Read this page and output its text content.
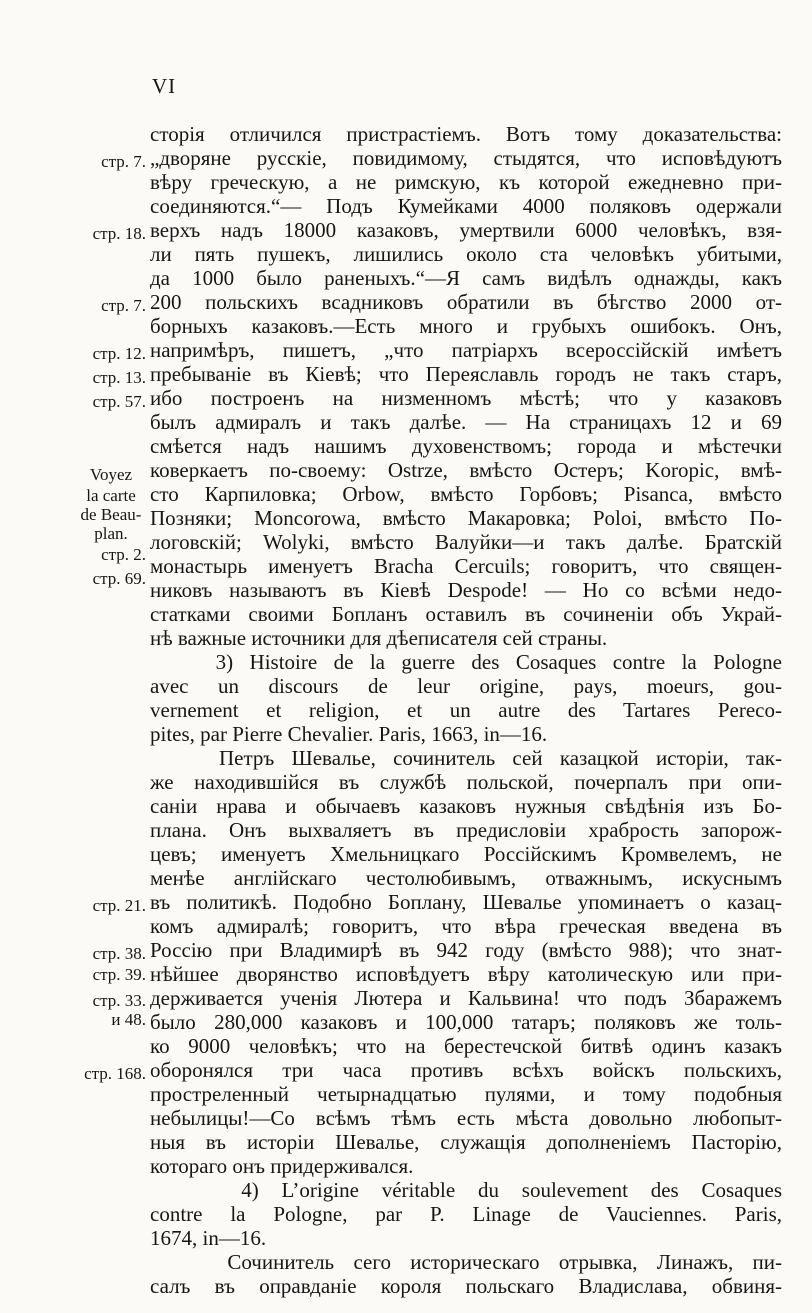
VI
сторія отличился пристрастіемъ. Вотъ тому доказательства:
„дворяне русскіе, повидимому, стыдятся, что исповѣдуютъ
вѣру греческую, а не римскую, къ которой ежедневно при-
соединяются.“— Подъ Кумейками 4000 поляковъ одержали
верхъ надъ 18000 казаковъ, умертвили 6000 человѣкъ, взя-
ли пять пушекъ, лишились около ста человѣкъ убитыми,
да 1000 было раненыхъ.“—Я самъ видѣлъ однажды, какъ
200 польскихъ всадниковъ обратили въ бѣгство 2000 от-
борныхъ казаковъ.—Есть много и грубыхъ ошибокъ. Онъ,
напримѣръ, пишетъ, „что патріархъ всероссійскій имѣетъ
пребываніе въ Кіевѣ; что Переяславль городъ не такъ старъ,
ибо построенъ на низменномъ мѣстѣ; что у казаковъ
былъ адмиралъ и такъ далѣе. — На страницахъ 12 и 69
смѣется надъ нашимъ духовенствомъ; города и мѣстечки
коверкаетъ по-своему: Ostrze, вмѣсто Остеръ; Koropic, вмѣ-
сто Карпиловка; Orbow, вмѣсто Горбовъ; Pisanca, вмѣсто
Позняки; Moncorowa, вмѣсто Макаровка; Poloi, вмѣсто По-
логовскій; Wolyki, вмѣсто Валуйки—и такъ далѣе. Братскій
монастырь именуетъ Bracha Cercuils; говоритъ, что священ-
никовъ называютъ въ Кіевѣ Despode! — Но со всѣми недо-
статками своими Бопланъ оставилъ въ сочиненіи объ Украй-
нѣ важные источники для дѣеписателя сей страны.
3) Histoire de la guerre des Cosaques contre la Pologne
avec un discours de leur origine, pays, moeurs, gou-
vernement et religion, et un autre des Tartares Pereco-
pites, par Pierre Chevalier. Paris, 1663, in—16.
Петръ Шевалье, сочинитель сей казацкой исторіи, так-
же находившійся въ службѣ польской, почерпалъ при опи-
саніи нрава и обычаевъ казаковъ нужныя свѣдѣнія изъ Бо-
плана. Онъ выхваляетъ въ предисловіи храбрость запорож-
цевъ; именуетъ Хмельницкаго Россійскимъ Кромвелемъ, не
менѣе англійскаго честолюбивымъ, отважнымъ, искуснымъ
въ политикѣ. Подобно Боплану, Шевалье упоминаетъ о казац-
комъ адмиралѣ; говоритъ, что вѣра греческая введена въ
Россію при Владимирѣ въ 942 году (вмѣсто 988); что знат-
нѣйшее дворянство исповѣдуетъ вѣру католическую или при-
держивается ученія Лютера и Кальвина! что подъ Збаражемъ
было 280,000 казаковъ и 100,000 татаръ; поляковъ же толь-
ко 9000 человѣкъ; что на берестечской битвѣ одинъ казакъ
оборонялся три часа противъ всѣхъ войскъ польскихъ,
простреленный четырнадцатью пулями, и тому подобныя
небылицы!—Со всѣмъ тѣмъ есть мѣста довольно любопыт-
ныя въ исторіи Шевалье, служащія дополненіемъ Пасторію,
котораго онъ придерживался.
4) L’origine véritable du soulevement des Cosaques
contre la Pologne, par P. Linage de Vauciennes. Paris,
1674, in—16.
Сочинитель сего историческаго отрывка, Линажъ, пи-
салъ въ оправданіе короля польскаго Владислава, обвиня-
стр. 7.
стр. 18.
стр. 7.
стр. 12.
стр. 13.
стр. 57.
Voyez
la carte
de Beau-
plan.
стр. 2.
стр. 69.
стр. 21.
стр. 38.
стр. 39.
стр. 33.
и 48.
стр. 168.
